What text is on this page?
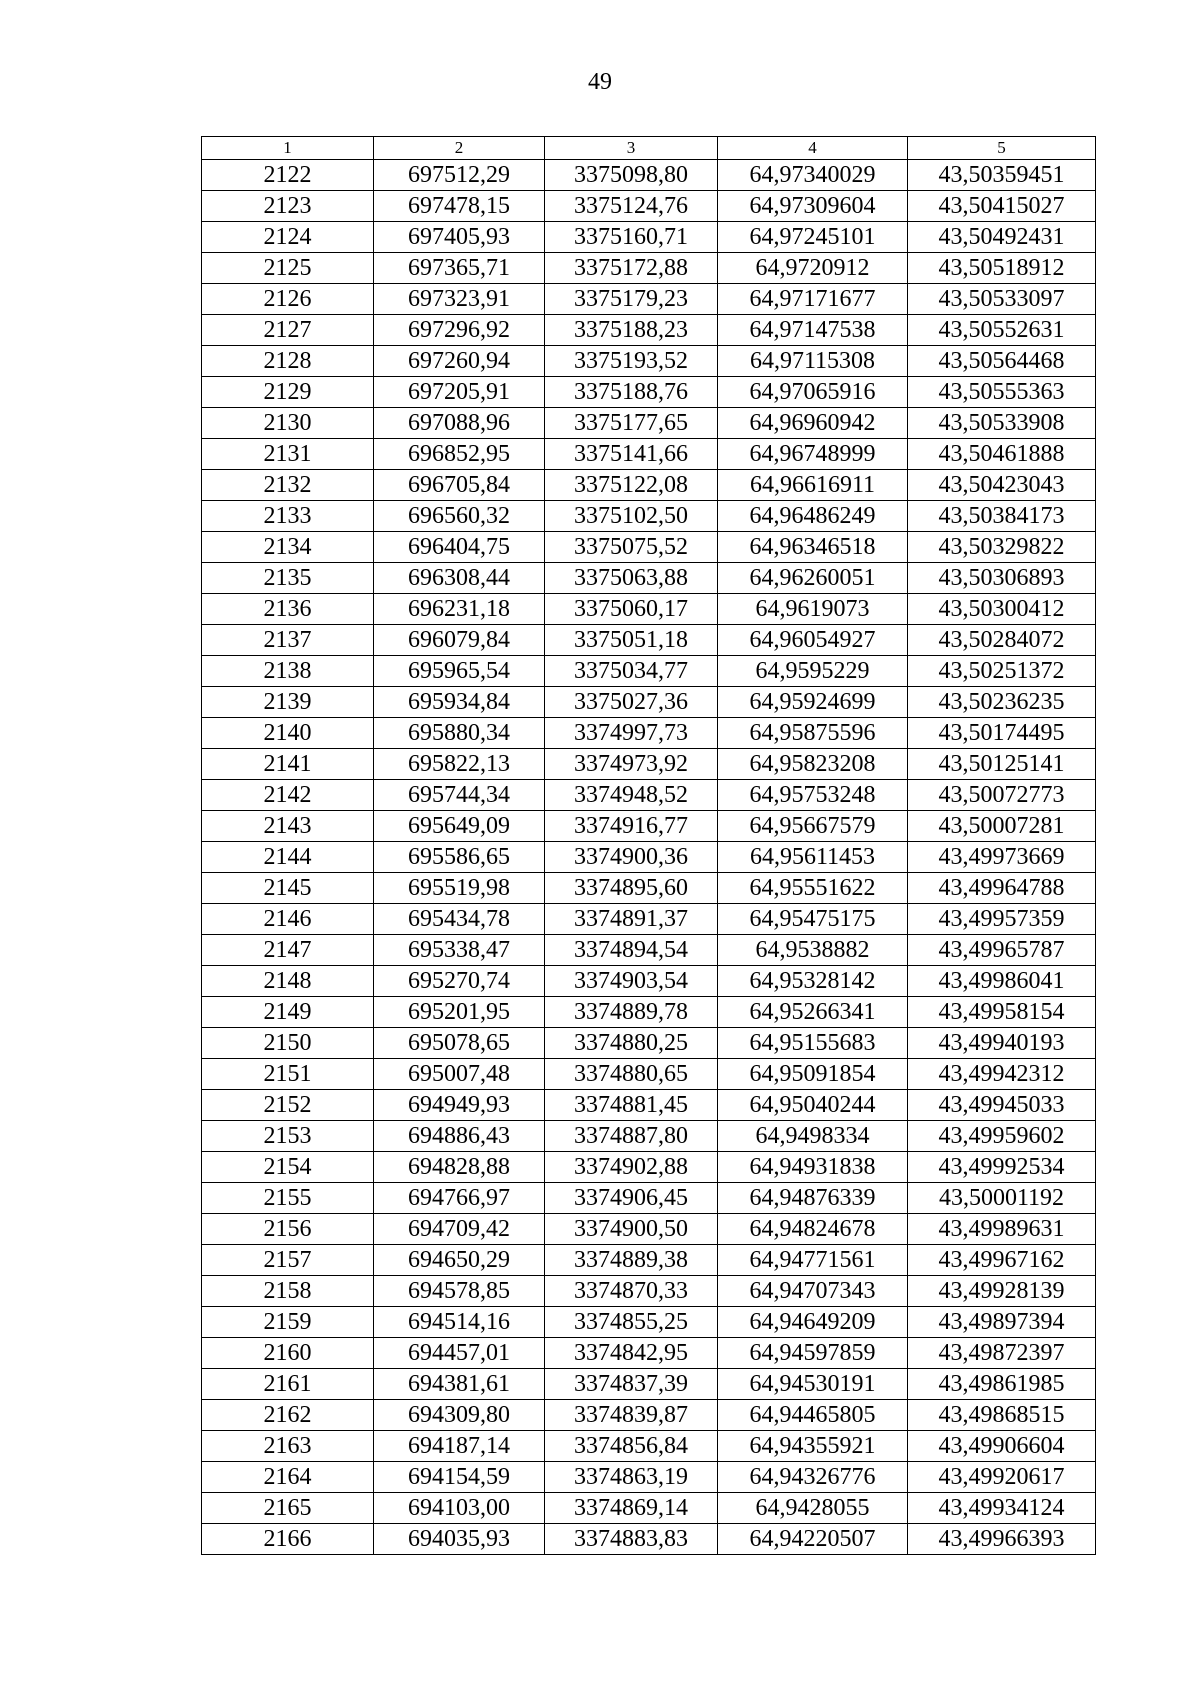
49
1	2	3	4	5
2122	697512,29	3375098,80	64,97340029	43,50359451
2123	697478,15	3375124,76	64,97309604	43,50415027
2124	697405,93	3375160,71	64,97245101	43,50492431
2125	697365,71	3375172,88	64,9720912	43,50518912
2126	697323,91	3375179,23	64,97171677	43,50533097
2127	697296,92	3375188,23	64,97147538	43,50552631
2128	697260,94	3375193,52	64,97115308	43,50564468
2129	697205,91	3375188,76	64,97065916	43,50555363
2130	697088,96	3375177,65	64,96960942	43,50533908
2131	696852,95	3375141,66	64,96748999	43,50461888
2132	696705,84	3375122,08	64,96616911	43,50423043
2133	696560,32	3375102,50	64,96486249	43,50384173
2134	696404,75	3375075,52	64,96346518	43,50329822
2135	696308,44	3375063,88	64,96260051	43,50306893
2136	696231,18	3375060,17	64,9619073	43,50300412
2137	696079,84	3375051,18	64,96054927	43,50284072
2138	695965,54	3375034,77	64,9595229	43,50251372
2139	695934,84	3375027,36	64,95924699	43,50236235
2140	695880,34	3374997,73	64,95875596	43,50174495
2141	695822,13	3374973,92	64,95823208	43,50125141
2142	695744,34	3374948,52	64,95753248	43,50072773
2143	695649,09	3374916,77	64,95667579	43,50007281
2144	695586,65	3374900,36	64,95611453	43,49973669
2145	695519,98	3374895,60	64,95551622	43,49964788
2146	695434,78	3374891,37	64,95475175	43,49957359
2147	695338,47	3374894,54	64,9538882	43,49965787
2148	695270,74	3374903,54	64,95328142	43,49986041
2149	695201,95	3374889,78	64,95266341	43,49958154
2150	695078,65	3374880,25	64,95155683	43,49940193
2151	695007,48	3374880,65	64,95091854	43,49942312
2152	694949,93	3374881,45	64,95040244	43,49945033
2153	694886,43	3374887,80	64,9498334	43,49959602
2154	694828,88	3374902,88	64,94931838	43,49992534
2155	694766,97	3374906,45	64,94876339	43,50001192
2156	694709,42	3374900,50	64,94824678	43,49989631
2157	694650,29	3374889,38	64,94771561	43,49967162
2158	694578,85	3374870,33	64,94707343	43,49928139
2159	694514,16	3374855,25	64,94649209	43,49897394
2160	694457,01	3374842,95	64,94597859	43,49872397
2161	694381,61	3374837,39	64,94530191	43,49861985
2162	694309,80	3374839,87	64,94465805	43,49868515
2163	694187,14	3374856,84	64,94355921	43,49906604
2164	694154,59	3374863,19	64,94326776	43,49920617
2165	694103,00	3374869,14	64,9428055	43,49934124
2166	694035,93	3374883,83	64,94220507	43,49966393
